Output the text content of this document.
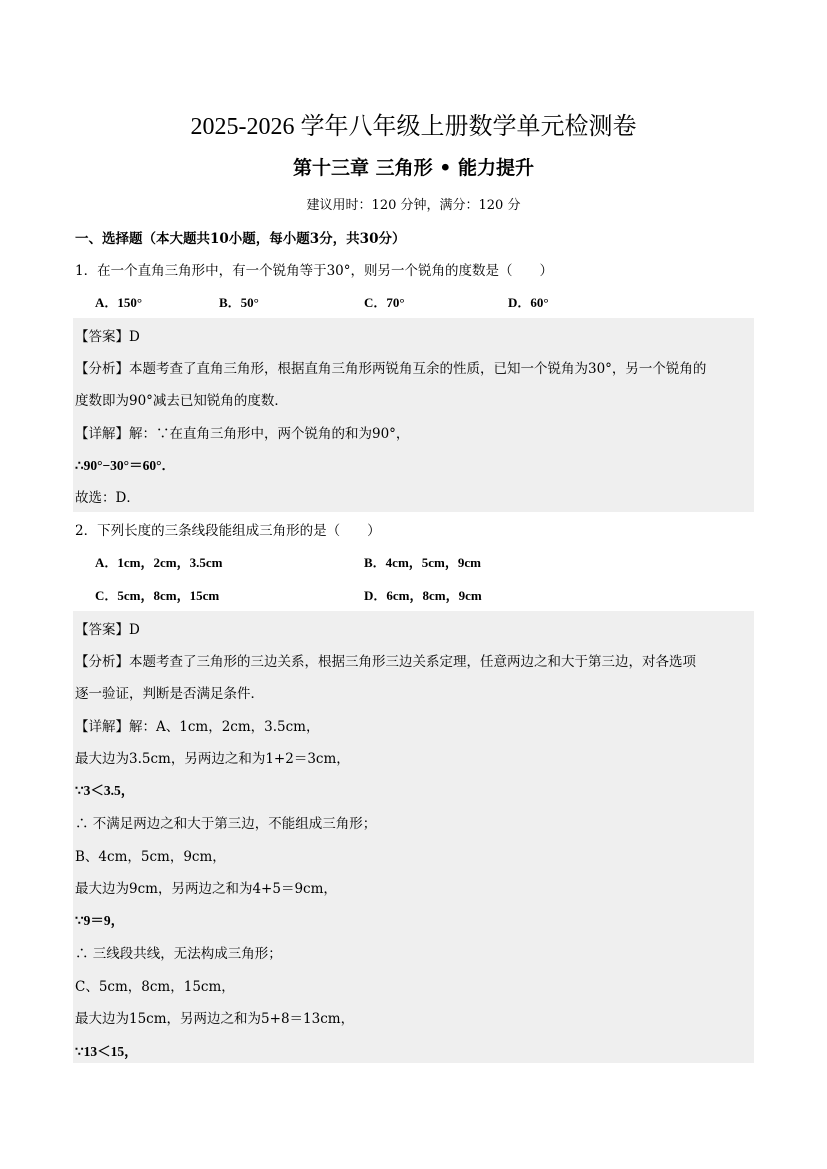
2025-2026 学年八年级上册数学单元检测卷
第十三章 三角形 • 能力提升
建议用时：120 分钟，满分：120 分
一、选择题（本大题共10小题，每小题3分，共30分）
1．在一个直角三角形中，有一个锐角等于30°，则另一个锐角的度数是（　　）
A．150°	B．50°	C．70°	D．60°
【答案】D
【分析】本题考查了直角三角形，根据直角三角形两锐角互余的性质，已知一个锐角为30°，另一个锐角的
度数即为90°减去已知锐角的度数．
【详解】解：∵在直角三角形中，两个锐角的和为90°，
∴90°−30°＝60°．
故选：D．
2．下列长度的三条线段能组成三角形的是（　　）
A．1cm，2cm，3.5cm	B．4cm，5cm，9cm
C．5cm，8cm，15cm	D．6cm，8cm，9cm
【答案】D
【分析】本题考查了三角形的三边关系，根据三角形三边关系定理，任意两边之和大于第三边，对各选项
逐一验证，判断是否满足条件．
【详解】解：A、1cm，2cm，3.5cm，
最大边为3.5cm，另两边之和为1+2＝3cm，
∵3＜3.5，
∴ 不满足两边之和大于第三边，不能组成三角形；
B、4cm，5cm，9cm，
最大边为9cm，另两边之和为4+5＝9cm，
∵9＝9，
∴ 三线段共线，无法构成三角形；
C、5cm，8cm，15cm，
最大边为15cm，另两边之和为5+8＝13cm，
∵13＜15，
